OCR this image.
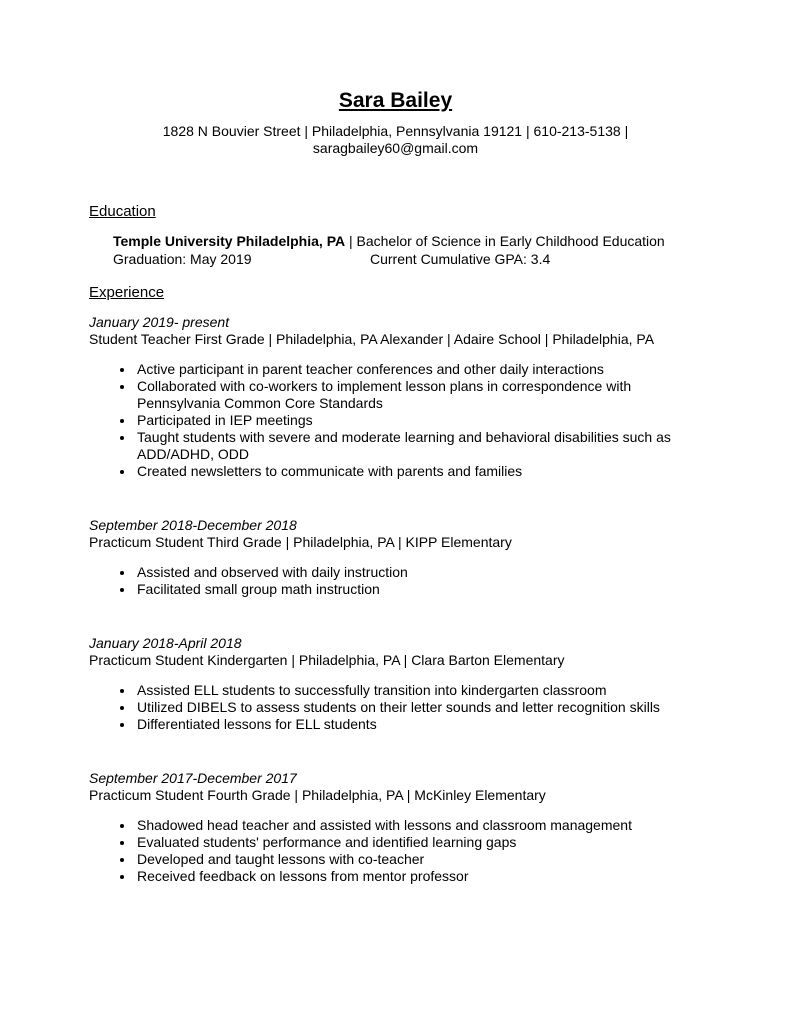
Sara Bailey

1828 N Bouvier Street | Philadelphia, Pennsylvania 19121 | 610-213-5138 |

saragbailey60@gmail.com

Education

Temple University Philadelphia, PA | Bachelor of Science in Early Childhood Education

Graduation: May 2019	Current Cumulative GPA: 3.4

Experience

January 2019- present

Student Teacher First Grade | Philadelphia, PA Alexander | Adaire School | Philadelphia, PA

• Active participant in parent teacher conferences and other daily interactions
• Collaborated with co-workers to implement lesson plans in correspondence with Pennsylvania Common Core Standards
• Participated in IEP meetings
• Taught students with severe and moderate learning and behavioral disabilities such as ADD/ADHD, ODD
• Created newsletters to communicate with parents and families

September 2018-December 2018

Practicum Student Third Grade | Philadelphia, PA | KIPP Elementary

• Assisted and observed with daily instruction
• Facilitated small group math instruction

January 2018-April 2018

Practicum Student Kindergarten | Philadelphia, PA | Clara Barton Elementary

• Assisted ELL students to successfully transition into kindergarten classroom
• Utilized DIBELS to assess students on their letter sounds and letter recognition skills
• Differentiated lessons for ELL students

September 2017-December 2017

Practicum Student Fourth Grade | Philadelphia, PA | McKinley Elementary

• Shadowed head teacher and assisted with lessons and classroom management
• Evaluated students' performance and identified learning gaps
• Developed and taught lessons with co-teacher
• Received feedback on lessons from mentor professor
